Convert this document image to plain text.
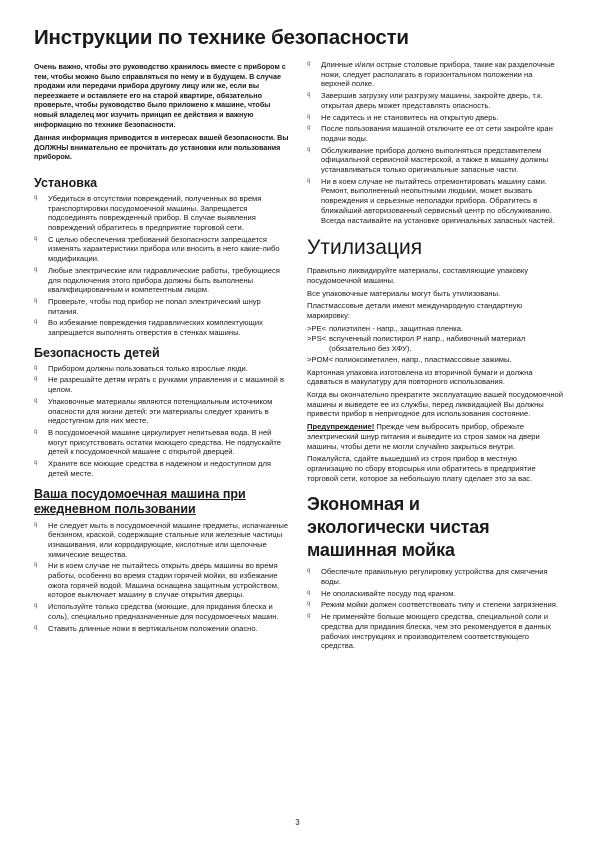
Инструкции по технике безопасности

Очень важно, чтобы это руководство хранилось вместе с прибором с тем, чтобы можно было справляться по нему и в будущем. В случае продажи или передачи прибора другому лицу или же, если вы переезжаете и оставляете его на старой квартире, обязательно проверьте, чтобы руководство было приложено к машине, чтобы новый владелец мог изучить принцип ее действия и важную информацию по технике безопасности.

Данная информация приводится в интересах вашей безопасности. Вы ДОЛЖНЫ внимательно ее прочитать до установки или пользования прибором.

Установка
q Убедиться в отсутствии повреждений, полученных во время транспортировки посудомоечной машины. Запрещается подсоединять поврежденный прибор. В случае выявления повреждений обратитесь в предприятие торговой сети.
q С целью обеспечения требований безопасности запрещается изменять характеристики прибора или вносить в него какие-либо модификации.
q Любые электрические или гидравлические работы, требующиеся для подключения этого прибора должны быть выполнены квалифицированным и компетентным лицом.
q Проверьте, чтобы под прибор не попал электрический шнур питания.
q Во избежание повреждения гидравлических комплектующих запрещается выполнять отверстия в стенках машины.
Безопасность детей
q Прибором должны пользоваться только взрослые люди.
q Не разрешайте детям играть с ручками управления и с машиной в целом.
q Упаковочные материалы являются потенциальным источником опасности для жизни детей: эти материалы следует хранить в недоступном для них месте.
q В посудомоечной машине циркулирует непитьевая вода. В ней могут присутствовать остатки моющего средства. Не подпускайте детей к посудомоечной машине с открытой дверцей.
q Храните все моющие средства в надежном и недоступном для детей месте.
Ваша посудомоечная машина при
ежедневном пользовании
q Не следует мыть в посудомоечной машине предметы, испачканные бензином, краской, содержащие стальные или железные частицы изнашивания, или корродирующие, кислотные или щелочные химические вещества.
q Ни в коем случае не пытайтесь открыть дверь машины во время работы, особенно во время стадии горячей мойки, во избежание ожога горячей водой. Машина оснащена защитным устройством, которое выключает машину в случае открытия дверцы.
q Используйте только средства (моющие, для придания блеска и соль), специально предназначенные для посудомоечных машин.
q Ставить длинные ножи в вертикальном положении опасно.
q Длинные и/или острые столовые прибора, такие как разделочные ножи, следует располагать в горизонтальном положении на верхней полке.
q Завершив загрузку или разгрузку машины, закройте дверь, т.к. открытая дверь может представлять опасность.
q Не садитесь и не становитесь на открытую дверь.
q После пользования машиной отключите ее от сети закройте кран подачи воды.
q Обслуживание прибора должно выполняться представителем официальной сервисной мастерской, а также в машину должны устанавливаться только оригинальные запасные части.
q Ни в коем случае не пытайтесь отремонтировать машину сами. Ремонт, выполненный неопытными людьми, может вызвать повреждения и серьезные неполадки прибора. Обратитесь в ближайший авторизованный сервисный центр по обслуживанию. Всегда настаивайте на установке оригинальных запасных частей.
Утилизация

Правильно ликвидируйте материалы, составляющие упаковку посудомоечной машины.

Все упаковочные материалы могут быть утилизованы.

Пластмассовые детали имеют международную стандартную маркировку:

>PE< полиэтилен - напр., защитная пленка.
>PS< вспученный полистирол P напр., набивочный материал (обязательно без ХФУ).
>POM< полиоксиметилен, напр., пластмассовые зажимы.

Картонная упаковка изготовлена из вторичной бумаги и должна сдаваться в макулатуру для повторного использования.

Когда вы окончательно прекратите эксплуатацию вашей посудомоечной машины и выведете ее из службы, перед ликвидацией Вы должны привести прибор в непригодное для использования состояние.

Предупреждение! Прежде чем выбросить прибор, обрежьте электрический шнур питания и выведите из строя замок на двери машины, чтобы дети не могли случайно закрыться внутри.

Пожалуйста, сдайте вышедший из строя прибор в местную организацию по сбору вторсырья или обратитесь в предприятие торговой сети, которое за небольшую плату сделает это за вас.

Экономная и
экологически чистая
машинная мойка
q Обеспечьте правильную регулировку устройства для смягчения воды.
q Не ополаскивайте посуду под краном.
q Режим мойки должен соответствовать типу и степени загрязнения.
q Не применяйте больше моющего средства, специальной соли и средства для придания блеска, чем это рекомендуется в данных рабочих инструкциях и производителем соответствующего средства.
3
